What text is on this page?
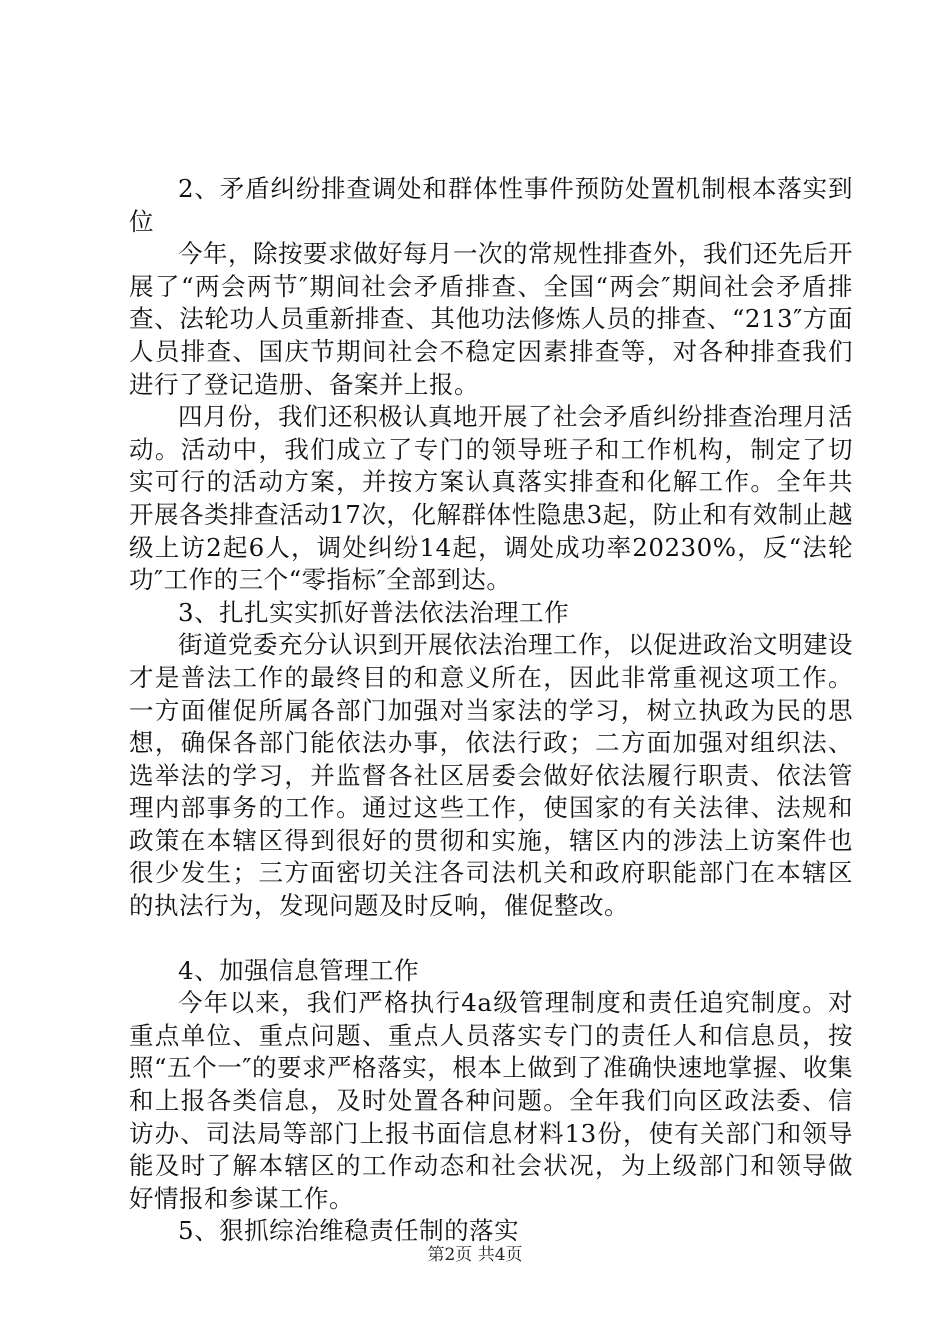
2、矛盾纠纷排查调处和群体性事件预防处置机制根本落实到位

今年，除按要求做好每月一次的常规性排查外，我们还先后开展了“两会两节″期间社会矛盾排查、全国“两会″期间社会矛盾排查、法轮功人员重新排查、其他功法修炼人员的排查、“213″方面人员排查、国庆节期间社会不稳定因素排查等，对各种排查我们进行了登记造册、备案并上报。

四月份，我们还积极认真地开展了社会矛盾纠纷排查治理月活动。活动中，我们成立了专门的领导班子和工作机构，制定了切实可行的活动方案，并按方案认真落实排查和化解工作。全年共开展各类排查活动17次，化解群体性隐患3起，防止和有效制止越级上访2起6人，调处纠纷14起，调处成功率20230%，反“法轮功″工作的三个“零指标″全部到达。

3、扎扎实实抓好普法依法治理工作

街道党委充分认识到开展依法治理工作，以促进政治文明建设才是普法工作的最终目的和意义所在，因此非常重视这项工作。一方面催促所属各部门加强对当家法的学习，树立执政为民的思想，确保各部门能依法办事，依法行政；二方面加强对组织法、选举法的学习，并监督各社区居委会做好依法履行职责、依法管理内部事务的工作。通过这些工作，使国家的有关法律、法规和政策在本辖区得到很好的贯彻和实施，辖区内的涉法上访案件也很少发生；三方面密切关注各司法机关和政府职能部门在本辖区的执法行为，发现问题及时反响，催促整改。

4、加强信息管理工作

今年以来，我们严格执行4a级管理制度和责任追究制度。对重点单位、重点问题、重点人员落实专门的责任人和信息员，按照“五个一″的要求严格落实，根本上做到了准确快速地掌握、收集和上报各类信息，及时处置各种问题。全年我们向区政法委、信访办、司法局等部门上报书面信息材料13份，使有关部门和领导能及时了解本辖区的工作动态和社会状况，为上级部门和领导做好情报和参谋工作。

5、狠抓综治维稳责任制的落实

第2页 共4页
